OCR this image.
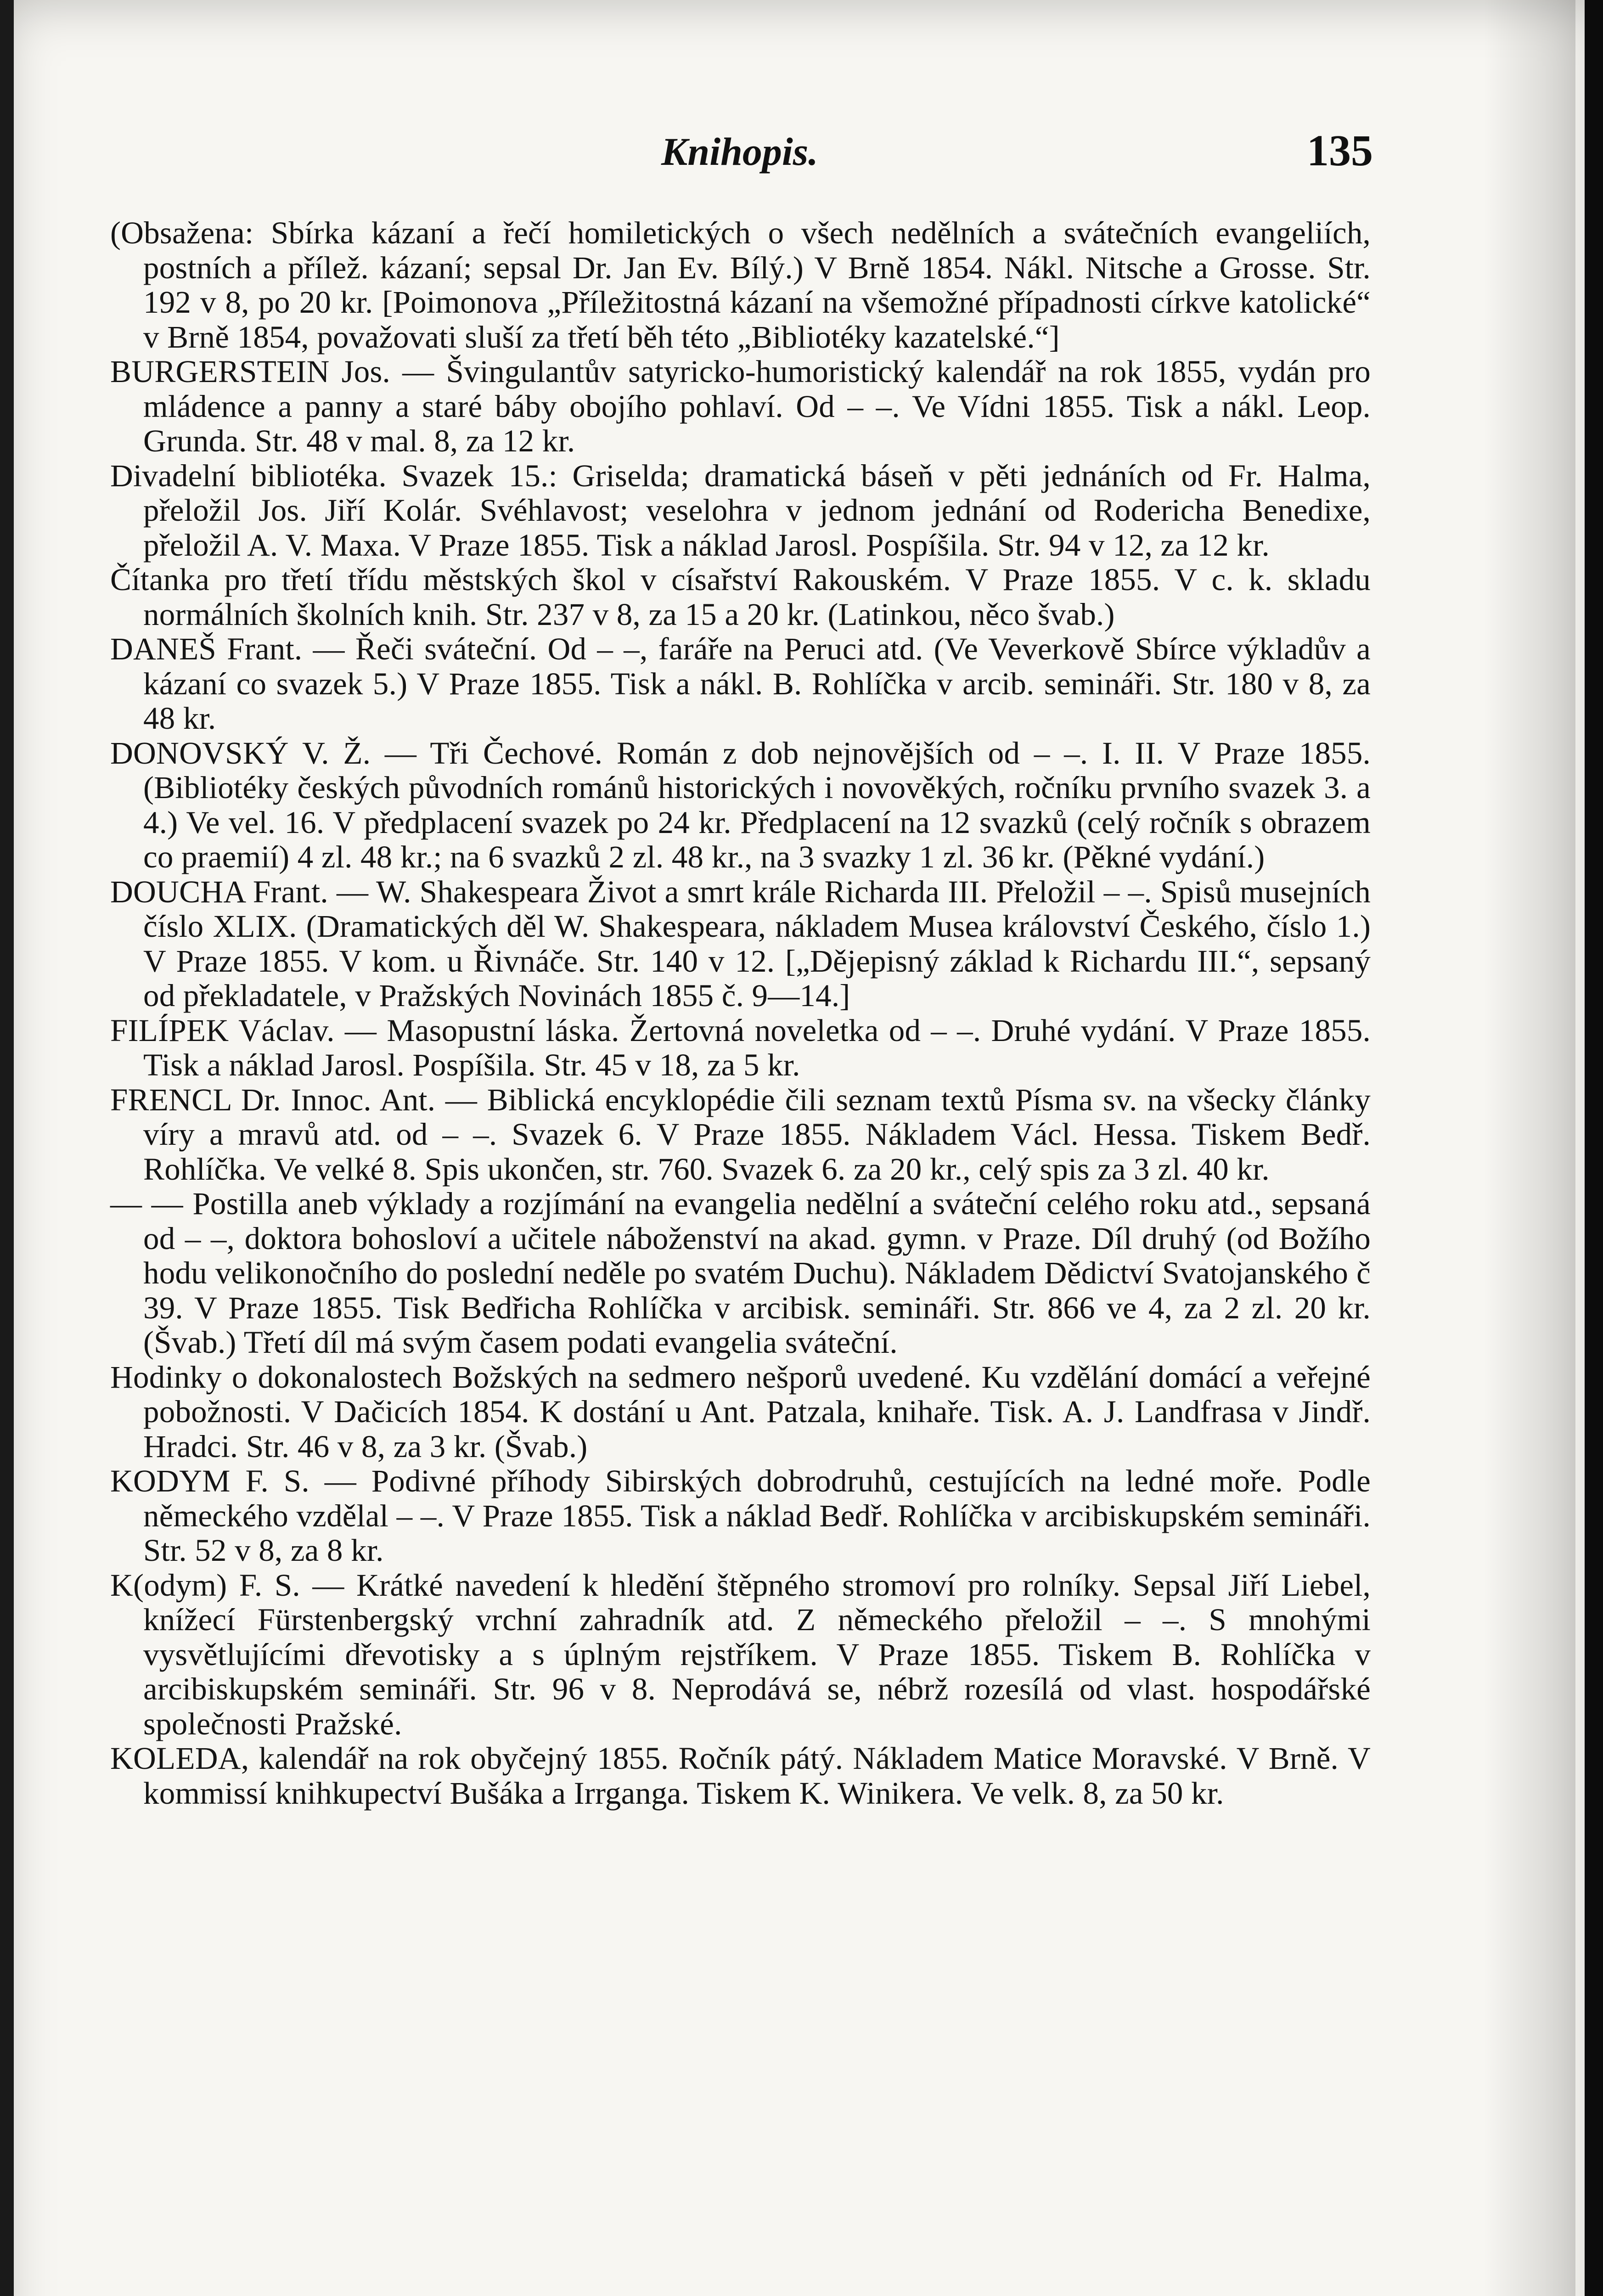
Knihopis.	135

(Obsažena: Sbírka kázaní a řečí homiletických o všech nedělních a svátečních evangeliích, postních a přílež. kázaní; sepsal Dr. Jan Ev. Bílý.) V Brně 1854. Nákl. Nitsche a Grosse. Str. 192 v 8, po 20 kr. [Poimonova „Příležitostná kázaní na všemožné případnosti církve katolické“ v Brně 1854, považovati sluší za třetí běh této „Bibliotéky kazatelské.“]

BURGERSTEIN Jos. — Švingulantův satyricko-humoristický kalendář na rok 1855, vydán pro mládence a panny a staré báby obojího pohlaví. Od – –. Ve Vídni 1855. Tisk a nákl. Leop. Grunda. Str. 48 v mal. 8, za 12 kr.

Divadelní bibliotéka. Svazek 15.: Griselda; dramatická báseň v pěti jednáních od Fr. Halma, přeložil Jos. Jiří Kolár. Svéhlavost; veselohra v jednom jednání od Rodericha Benedixe, přeložil A. V. Maxa. V Praze 1855. Tisk a náklad Jarosl. Pospíšila. Str. 94 v 12, za 12 kr.

Čítanka pro třetí třídu městských škol v císařství Rakouském. V Praze 1855. V c. k. skladu normálních školních knih. Str. 237 v 8, za 15 a 20 kr. (Latinkou, něco švab.)

DANEŠ Frant. — Řeči sváteční. Od – –, faráře na Peruci atd. (Ve Veverkově Sbírce výkladův a kázaní co svazek 5.) V Praze 1855. Tisk a nákl. B. Rohlíčka v arcib. semináři. Str. 180 v 8, za 48 kr.

DONOVSKÝ V. Ž. — Tři Čechové. Román z dob nejnovějších od – –. I. II. V Praze 1855. (Bibliotéky českých původních románů historických i novověkých, ročníku prvního svazek 3. a 4.) Ve vel. 16. V předplacení svazek po 24 kr. Předplacení na 12 svazků (celý ročník s obrazem co praemií) 4 zl. 48 kr.; na 6 svazků 2 zl. 48 kr., na 3 svazky 1 zl. 36 kr. (Pěkné vydání.)

DOUCHA Frant. — W. Shakespeara Život a smrt krále Richarda III. Přeložil – –. Spisů musejních číslo XLIX. (Dramatických děl W. Shakespeara, nákladem Musea království Českého, číslo 1.) V Praze 1855. V kom. u Řivnáče. Str. 140 v 12. [„Dějepisný základ k Richardu III.“, sepsaný od překladatele, v Pražských Novinách 1855 č. 9—14.]

FILÍPEK Václav. — Masopustní láska. Žertovná noveletka od – –. Druhé vydání. V Praze 1855. Tisk a náklad Jarosl. Pospíšila. Str. 45 v 18, za 5 kr.

FRENCL Dr. Innoc. Ant. — Biblická encyklopédie čili seznam textů Písma sv. na všecky články víry a mravů atd. od – –. Svazek 6. V Praze 1855. Nákladem Václ. Hessa. Tiskem Bedř. Rohlíčka. Ve velké 8. Spis ukončen, str. 760. Svazek 6. za 20 kr., celý spis za 3 zl. 40 kr.

— — Postilla aneb výklady a rozjímání na evangelia nedělní a sváteční celého roku atd., sepsaná od – –, doktora bohosloví a učitele náboženství na akad. gymn. v Praze. Díl druhý (od Božího hodu velikonočního do poslední neděle po svatém Duchu). Nákladem Dědictví Svatojanského č 39. V Praze 1855. Tisk Bedřicha Rohlíčka v arcibisk. semináři. Str. 866 ve 4, za 2 zl. 20 kr. (Švab.) Třetí díl má svým časem podati evangelia sváteční.

Hodinky o dokonalostech Božských na sedmero nešporů uvedené. Ku vzdělání domácí a veřejné pobožnosti. V Dačicích 1854. K dostání u Ant. Patzala, knihaře. Tisk. A. J. Landfrasa v Jindř. Hradci. Str. 46 v 8, za 3 kr. (Švab.)

KODYM F. S. — Podivné příhody Sibirských dobrodruhů, cestujících na ledné moře. Podle německého vzdělal – –. V Praze 1855. Tisk a náklad Bedř. Rohlíčka v arcibiskupském semináři. Str. 52 v 8, za 8 kr.

K(odym) F. S. — Krátké navedení k hledění štěpného stromoví pro rolníky. Sepsal Jiří Liebel, knížecí Fürstenbergský vrchní zahradník atd. Z německého přeložil – –. S mnohými vysvětlujícími dřevotisky a s úplným rejstříkem. V Praze 1855. Tiskem B. Rohlíčka v arcibiskupském semináři. Str. 96 v 8. Neprodává se, nébrž rozesílá od vlast. hospodářské společnosti Pražské.

KOLEDA, kalendář na rok obyčejný 1855. Ročník pátý. Nákladem Matice Moravské. V Brně. V kommissí knihkupectví Bušáka a Irrganga. Tiskem K. Winikera. Ve velk. 8, za 50 kr.
